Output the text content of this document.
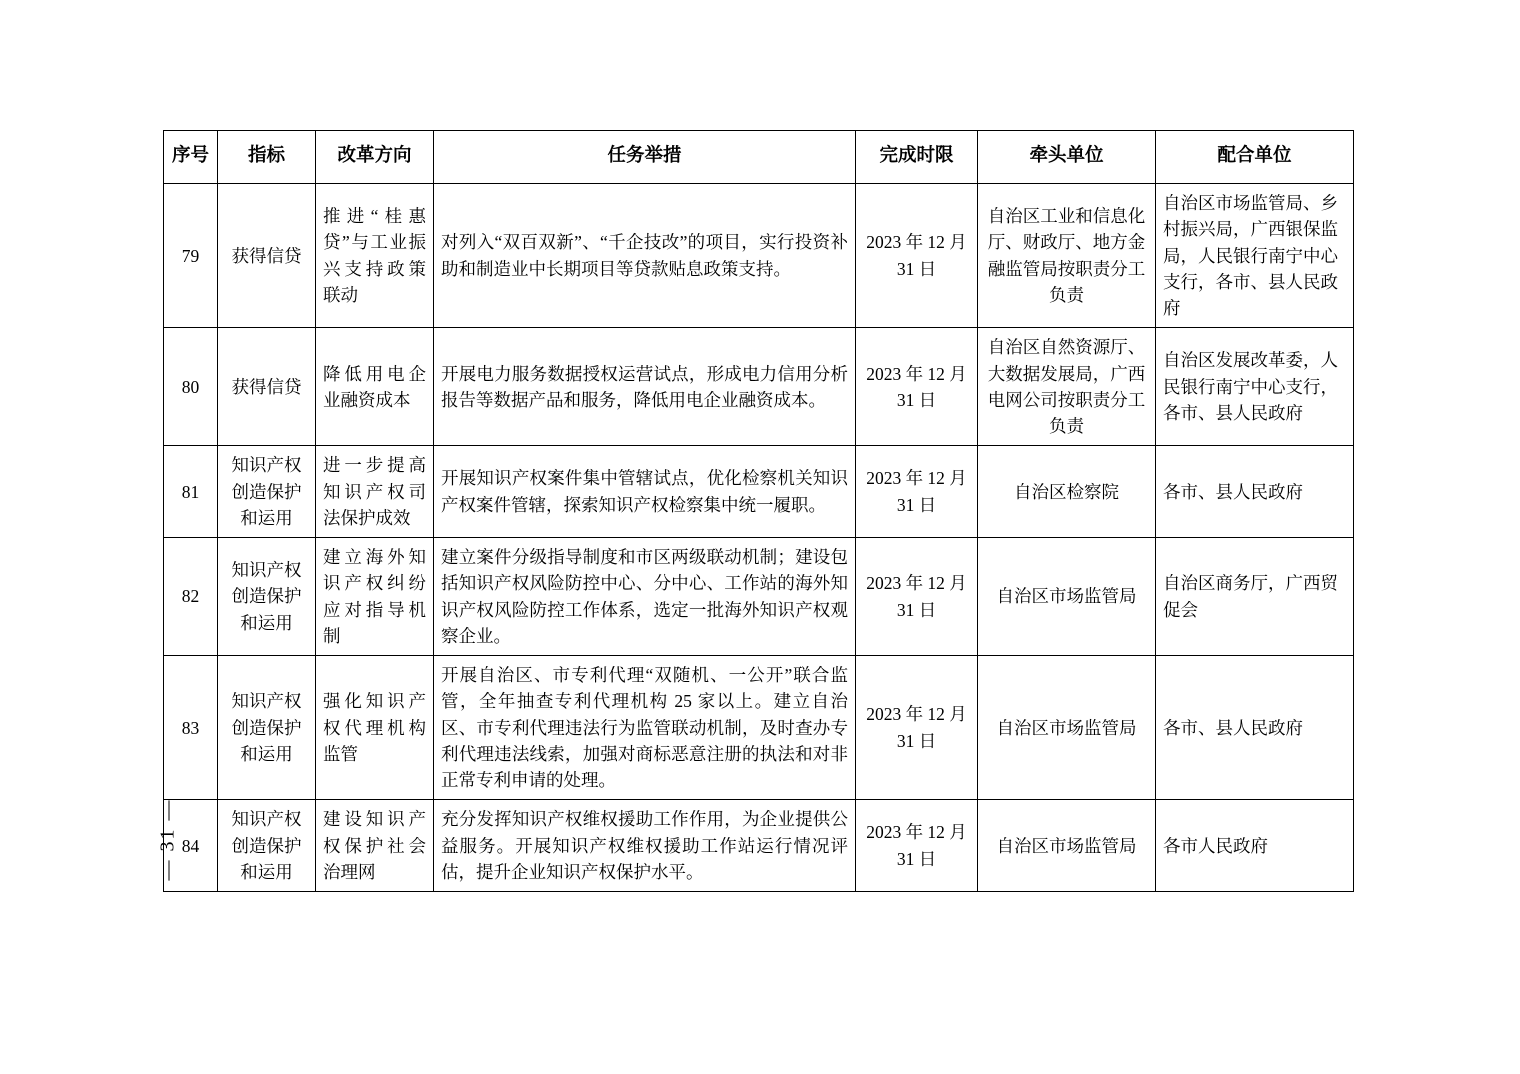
— 31 —
序号	指标	改革方向	任务举措	完成时限	牵头单位	配合单位
79	获得信贷	推进“桂惠贷”与工业振兴支持政策联动	对列入“双百双新”、“千企技改”的项目，实行投资补助和制造业中长期项目等贷款贴息政策支持。	2023 年 12 月 31 日	自治区工业和信息化厅、财政厅、地方金融监管局按职责分工负责	自治区市场监管局、乡村振兴局，广西银保监局，人民银行南宁中心支行，各市、县人民政府
80	获得信贷	降低用电企业融资成本	开展电力服务数据授权运营试点，形成电力信用分析报告等数据产品和服务，降低用电企业融资成本。	2023 年 12 月 31 日	自治区自然资源厅、大数据发展局，广西电网公司按职责分工负责	自治区发展改革委，人民银行南宁中心支行，各市、县人民政府
81	知识产权创造保护和运用	进一步提高知识产权司法保护成效	开展知识产权案件集中管辖试点，优化检察机关知识产权案件管辖，探索知识产权检察集中统一履职。	2023 年 12 月 31 日	自治区检察院	各市、县人民政府
82	知识产权创造保护和运用	建立海外知识产权纠纷应对指导机制	建立案件分级指导制度和市区两级联动机制；建设包括知识产权风险防控中心、分中心、工作站的海外知识产权风险防控工作体系，选定一批海外知识产权观察企业。	2023 年 12 月 31 日	自治区市场监管局	自治区商务厅，广西贸促会
83	知识产权创造保护和运用	强化知识产权代理机构监管	开展自治区、市专利代理“双随机、一公开”联合监管，全年抽查专利代理机构 25 家以上。建立自治区、市专利代理违法行为监管联动机制，及时查办专利代理违法线索，加强对商标恶意注册的执法和对非正常专利申请的处理。	2023 年 12 月 31 日	自治区市场监管局	各市、县人民政府
84	知识产权创造保护和运用	建设知识产权保护社会治理网	充分发挥知识产权维权援助工作作用，为企业提供公益服务。开展知识产权维权援助工作站运行情况评估，提升企业知识产权保护水平。	2023 年 12 月 31 日	自治区市场监管局	各市人民政府
